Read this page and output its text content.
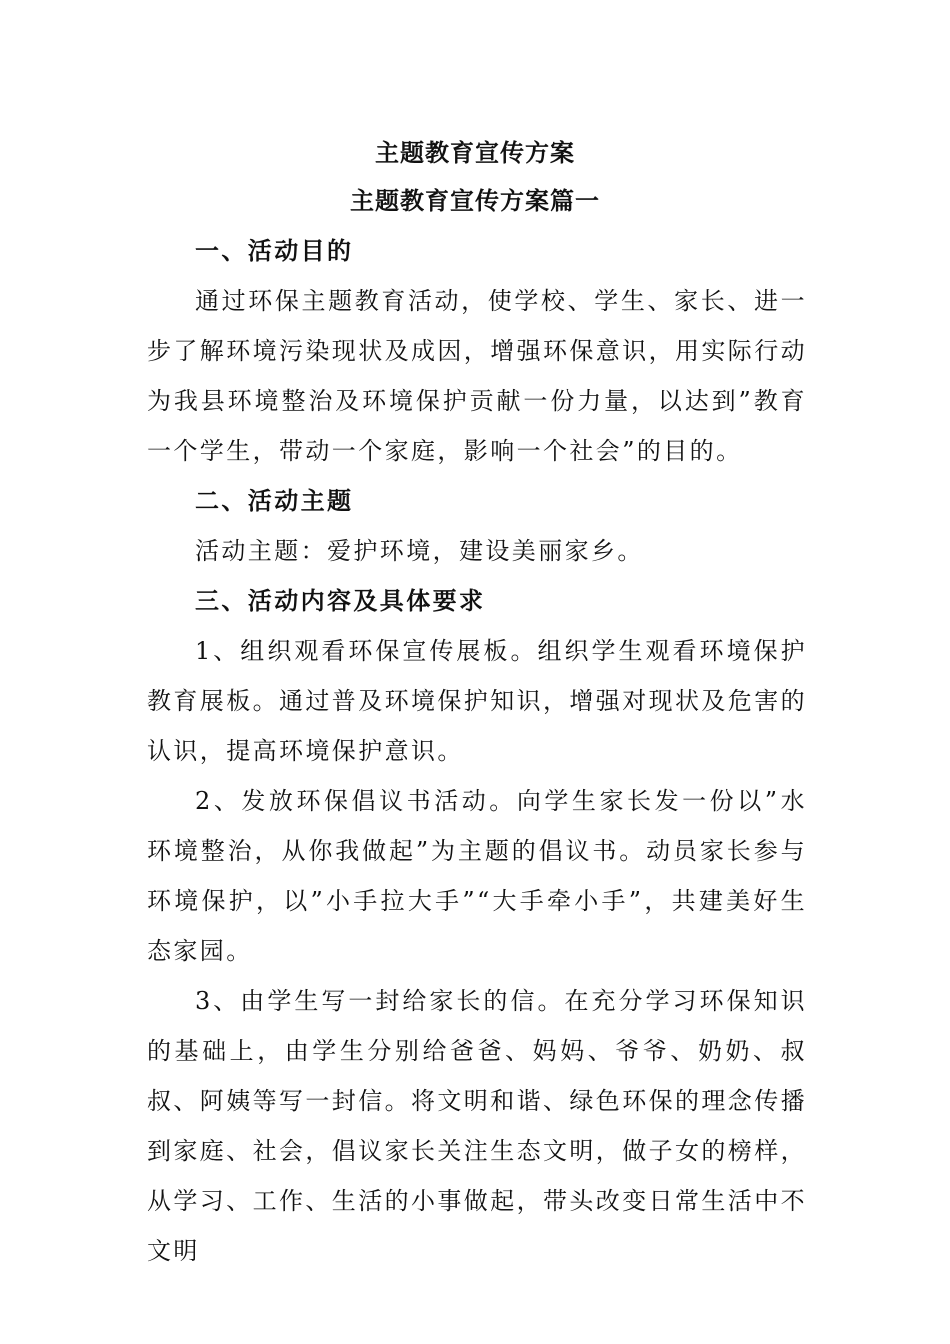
主题教育宣传方案
主题教育宣传方案篇一
一、活动目的

通过环保主题教育活动，使学校、学生、家长、进一步了解环境污染现状及成因，增强环保意识，用实际行动为我县环境整治及环境保护贡献一份力量，以达到”教育一个学生，带动一个家庭，影响一个社会”的目的。

二、活动主题

活动主题：爱护环境，建设美丽家乡。

三、活动内容及具体要求

1、组织观看环保宣传展板。组织学生观看环境保护教育展板。通过普及环境保护知识，增强对现状及危害的认识，提高环境保护意识。

2、发放环保倡议书活动。向学生家长发一份以”水环境整治，从你我做起”为主题的倡议书。动员家长参与环境保护，以”小手拉大手”“大手牵小手”，共建美好生态家园。

3、由学生写一封给家长的信。在充分学习环保知识的基础上，由学生分别给爸爸、妈妈、爷爷、奶奶、叔叔、阿姨等写一封信。将文明和谐、绿色环保的理念传播到家庭、社会，倡议家长关注生态文明，做子女的榜样，从学习、工作、生活的小事做起，带头改变日常生活中不文明
